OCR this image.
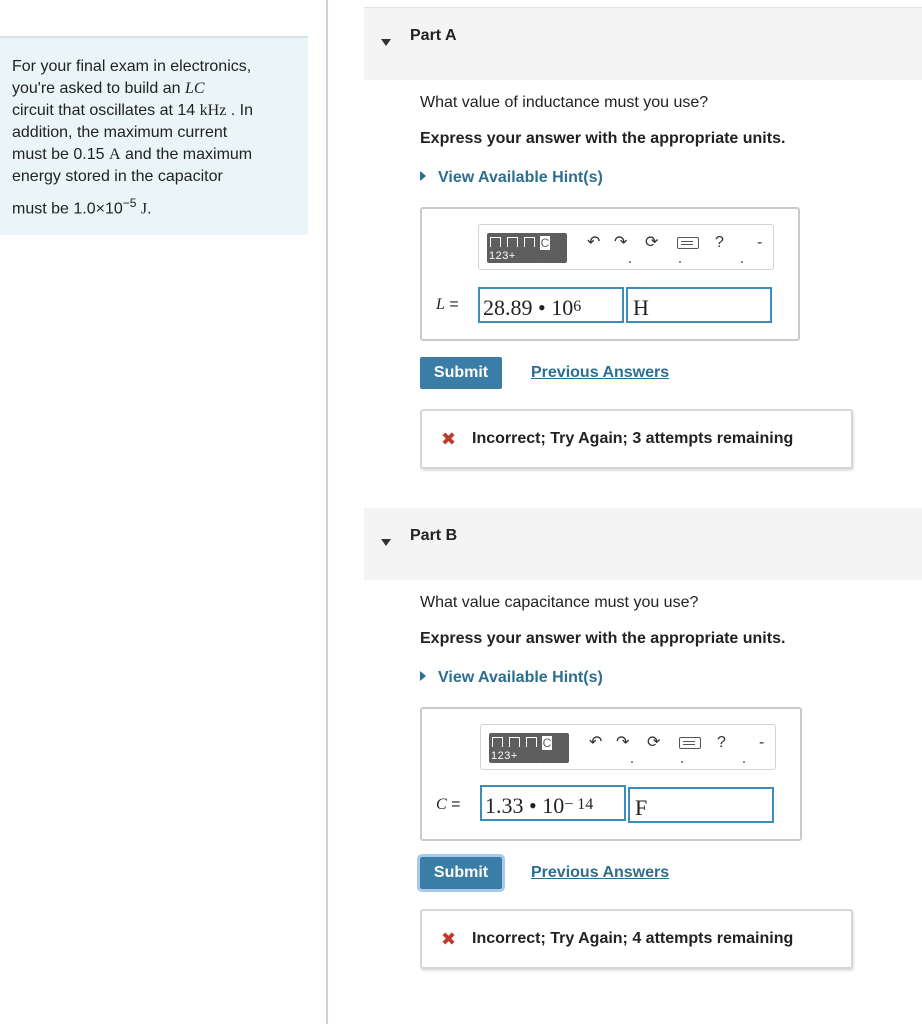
For your final exam in electronics,
you're asked to build an LC
circuit that oscillates at 14 kHz . In
addition, the maximum current
must be 0.15 A and the maximum
energy stored in the capacitor
must be $1.0\times 10^{-5}$ J.
Part A
What value of inductance must you use?
Express your answer with the appropriate units.
View Available Hint(s)
123+
C ↶ ↷ ⟳	? -
L = 28.89 • $10^6$	H
Submit	Previous Answers
✖ Incorrect; Try Again; 3 attempts remaining
Part B
What value capacitance must you use?
Express your answer with the appropriate units.
View Available Hint(s)
123+
C ↶ ↷ ⟳	? -
C = 1.33 • $10^{- 14}$	F
Submit	Previous Answers
✖ Incorrect; Try Again; 4 attempts remaining
